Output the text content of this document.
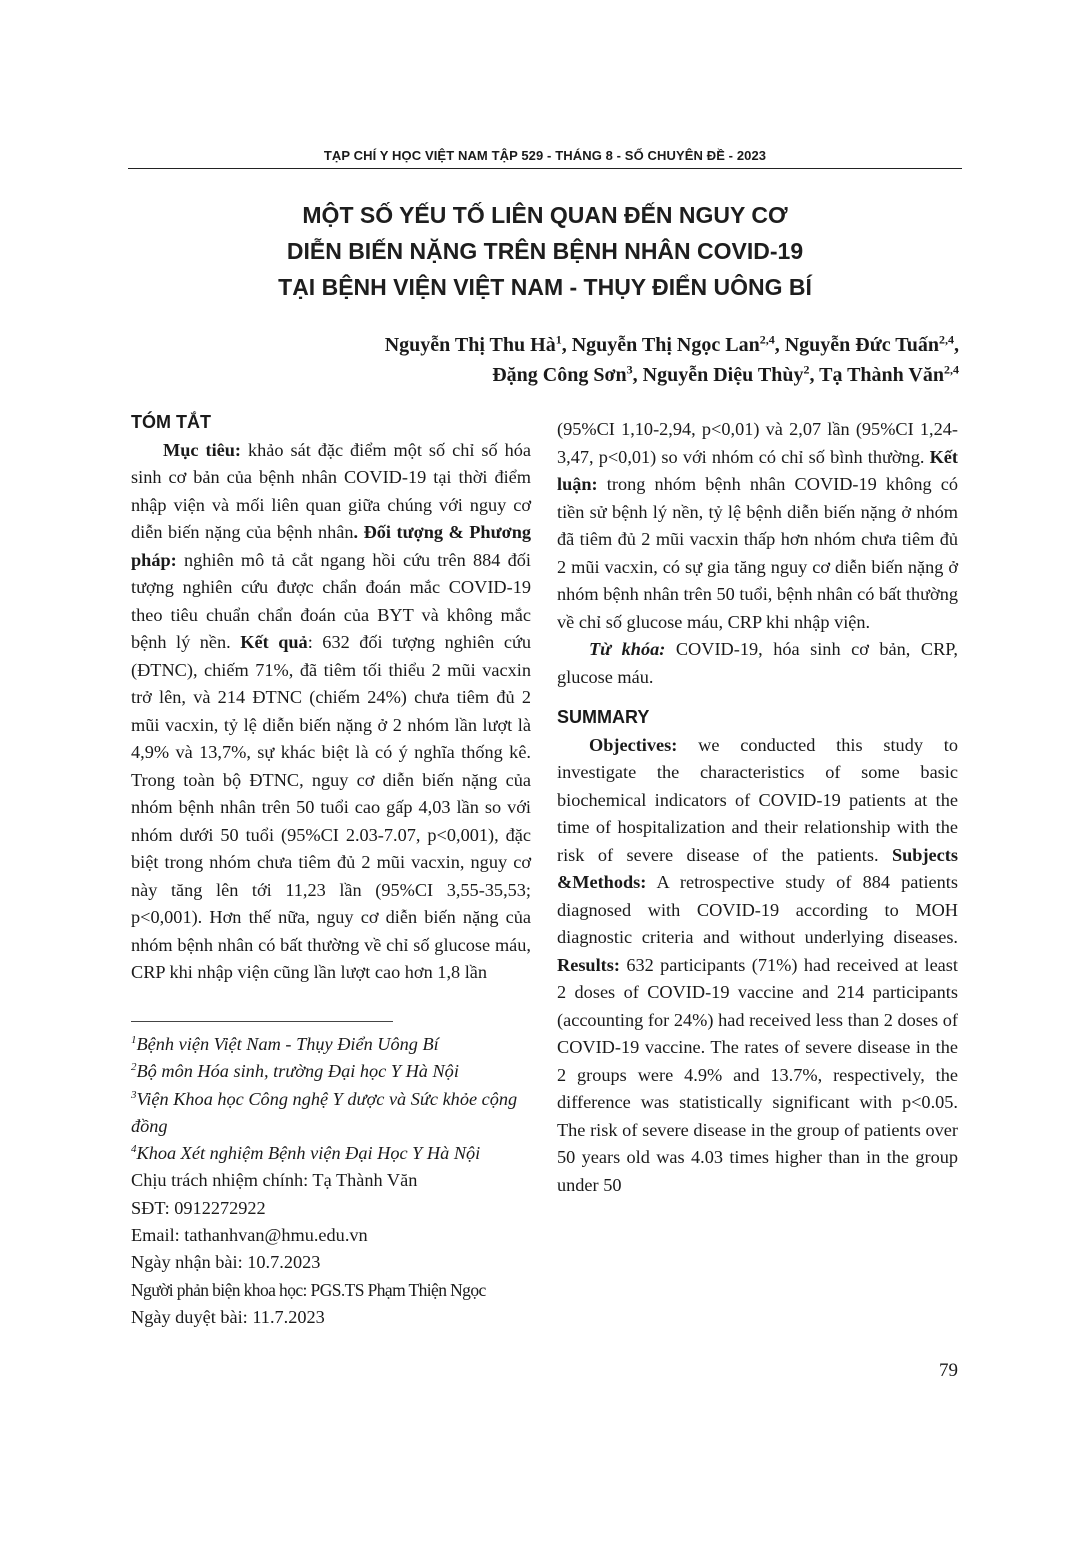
TẠP CHÍ Y HỌC VIỆT NAM TẬP 529 - THÁNG 8 - SỐ CHUYÊN ĐỀ - 2023
MỘT SỐ YẾU TỐ LIÊN QUAN ĐẾN NGUY CƠ
DIỄN BIẾN NẶNG TRÊN BỆNH NHÂN COVID-19
TẠI BỆNH VIỆN VIỆT NAM - THỤY ĐIỂN UÔNG BÍ
Nguyễn Thị Thu $Hà^1$, Nguyễn Thị Ngọc Lan$^{2,4}$, Nguyễn Đức Tuấn$^{2,4}$,
Đặng Công Sơn$^3$, Nguyễn Diệu Thùy$^2$, Tạ Thành Văn$^{2,4}$
TÓM TẮT

Mục tiêu: khảo sát đặc điểm một số chỉ số hóa sinh cơ bản của bệnh nhân COVID-19 tại thời điểm nhập viện và mối liên quan giữa chúng với nguy cơ diễn biến nặng của bệnh nhân. Đối tượng & Phương pháp: nghiên mô tả cắt ngang hồi cứu trên 884 đối tượng nghiên cứu được chẩn đoán mắc COVID-19 theo tiêu chuẩn chẩn đoán của BYT và không mắc bệnh lý nền. Kết quả: 632 đối tượng nghiên cứu (ĐTNC), chiếm 71%, đã tiêm tối thiểu 2 mũi vacxin trở lên, và 214 ĐTNC (chiếm 24%) chưa tiêm đủ 2 mũi vacxin, tỷ lệ diễn biến nặng ở 2 nhóm lần lượt là 4,9% và 13,7%, sự khác biệt là có ý nghĩa thống kê. Trong toàn bộ ĐTNC, nguy cơ diễn biến nặng của nhóm bệnh nhân trên 50 tuổi cao gấp 4,03 lần so với nhóm dưới 50 tuổi (95%CI 2.03-7.07, p<0,001), đặc biệt trong nhóm chưa tiêm đủ 2 mũi vacxin, nguy cơ này tăng lên tới 11,23 lần (95%CI 3,55-35,53; p<0,001). Hơn thế nữa, nguy cơ diễn biến nặng của nhóm bệnh nhân có bất thường về chỉ số glucose máu, CRP khi nhập viện cũng lần lượt cao hơn 1,8 lần

$^1$Bệnh viện Việt Nam - Thụy Điển Uông Bí
$^2$Bộ môn Hóa sinh, trường Đại học Y Hà Nội
$^3$Viện Khoa học Công nghệ Y dược và Sức khỏe cộng đồng
$^4$Khoa Xét nghiệm Bệnh viện Đại Học Y Hà Nội
Chịu trách nhiệm chính: Tạ Thành Văn
SĐT: 0912272922
Email: tathanhvan@hmu.edu.vn
Ngày nhận bài: 10.7.2023
Người phản biện khoa học: PGS.TS Phạm Thiện Ngọc
Ngày duyệt bài: 11.7.2023

(95%CI 1,10-2,94, p<0,01) và 2,07 lần (95%CI 1,24- 3,47, p<0,01) so với nhóm có chỉ số bình thường. Kết luận: trong nhóm bệnh nhân COVID-19 không có tiền sử bệnh lý nền, tỷ lệ bệnh diễn biến nặng ở nhóm đã tiêm đủ 2 mũi vacxin thấp hơn nhóm chưa tiêm đủ 2 mũi vacxin, có sự gia tăng nguy cơ diễn biến nặng ở nhóm bệnh nhân trên 50 tuổi, bệnh nhân có bất thường về chỉ số glucose máu, CRP khi nhập viện.

Từ khóa: COVID-19, hóa sinh cơ bản, CRP, glucose máu.

SUMMARY

Objectives: we conducted this study to investigate the characteristics of some basic biochemical indicators of COVID-19 patients at the time of hospitalization and their relationship with the risk of severe disease of the patients. Subjects &Methods: A retrospective study of 884 patients diagnosed with COVID-19 according to MOH diagnostic criteria and without underlying diseases. Results: 632 participants (71%) had received at least 2 doses of COVID-19 vaccine and 214 participants (accounting for 24%) had received less than 2 doses of COVID-19 vaccine. The rates of severe disease in the 2 groups were 4.9% and 13.7%, respectively, the difference was statistically significant with p<0.05. The risk of severe disease in the group of patients over 50 years old was 4.03 times higher than in the group under 50

79
